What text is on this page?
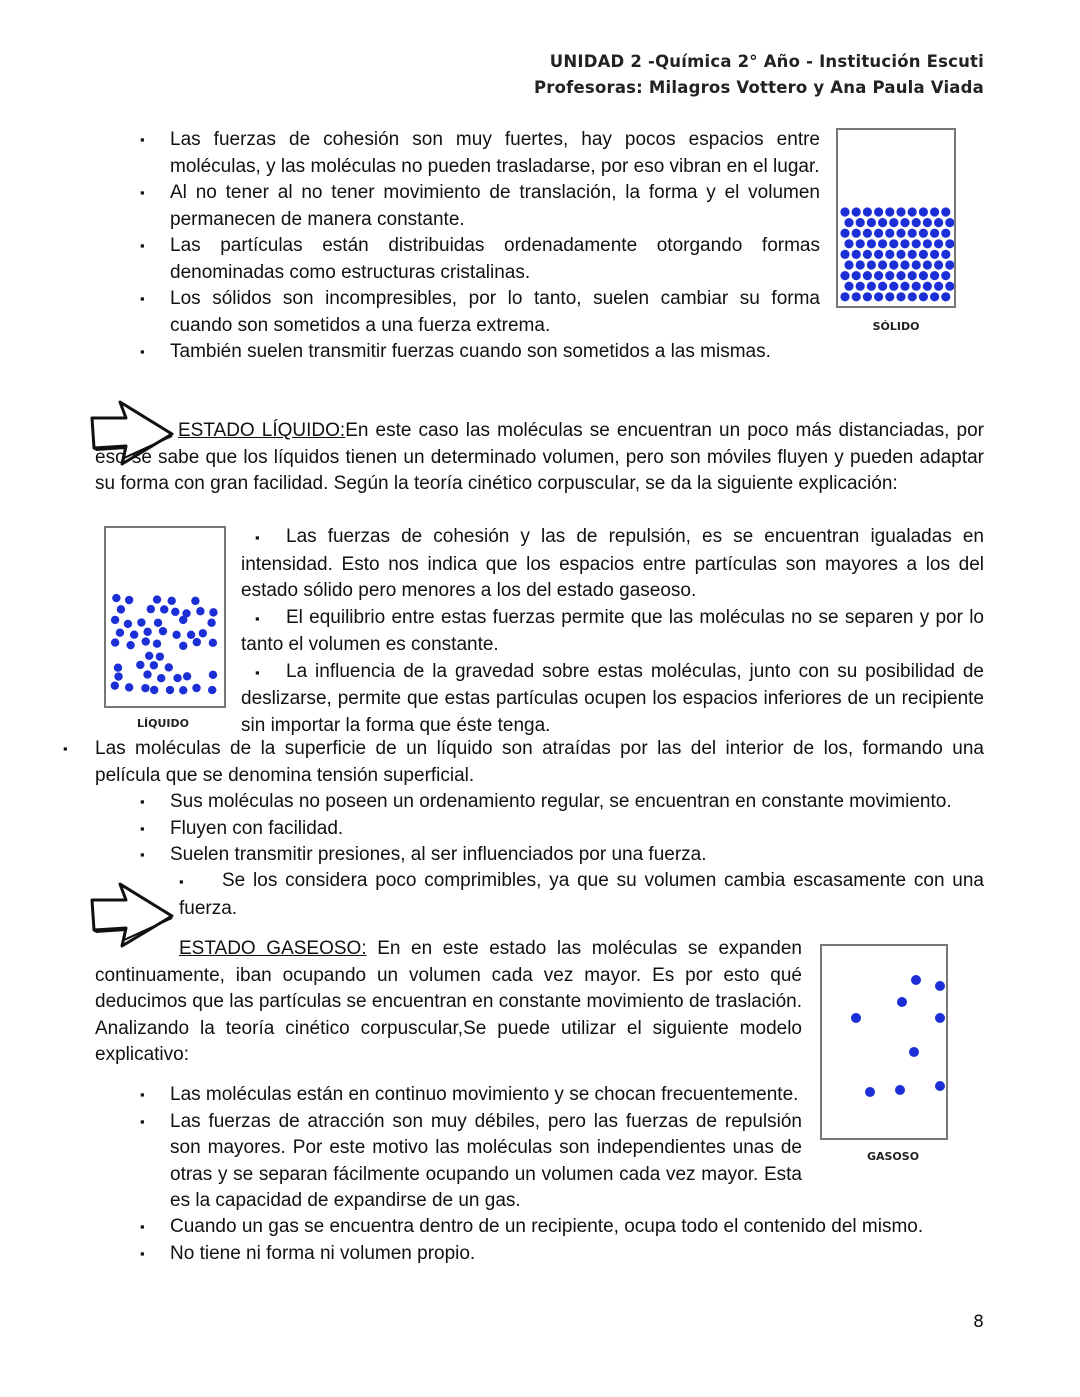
UNIDAD 2 -Química 2° Año - Institución Escuti
Profesoras: Milagros Vottero y Ana Paula Viada
▪ Las fuerzas de cohesión son muy fuertes, hay pocos espacios entre moléculas, y las moléculas no pueden trasladarse, por eso vibran en el lugar.
▪ Al no tener al no tener movimiento de translación, la forma y el volumen permanecen de manera constante.
▪ Las partículas están distribuidas ordenadamente otorgando formas denominadas como estructuras cristalinas.
▪ Los sólidos son incompresibles, por lo tanto, suelen cambiar su forma cuando son sometidos a una fuerza extrema.
▪ También suelen transmitir fuerzas cuando son sometidos a las mismas.
SÓLIDO
ESTADO LÍQUIDO:En este caso las moléculas se encuentran un poco más distanciadas, por eso se sabe que los líquidos tienen un determinado volumen, pero son móviles fluyen y pueden adaptar su forma con gran facilidad. Según la teoría cinético corpuscular, se da la siguiente explicación:
LÍQUIDO
▪ Las fuerzas de cohesión y las de repulsión, es se encuentran igualadas en intensidad. Esto nos indica que los espacios entre partículas son mayores a los del estado sólido pero menores a los del estado gaseoso.
▪ El equilibrio entre estas fuerzas permite que las moléculas no se separen y por lo tanto el volumen es constante.
▪ La influencia de la gravedad sobre estas moléculas, junto con su posibilidad de deslizarse, permite que estas partículas ocupen los espacios inferiores de un recipiente sin importar la forma que éste tenga.
▪ Las moléculas de la superficie de un líquido son atraídas por las del interior de los, formando una película que se denomina tensión superficial.
▪ Sus moléculas no poseen un ordenamiento regular, se encuentran en constante movimiento.
▪ Fluyen con facilidad.
▪ Suelen transmitir presiones, al ser influenciados por una fuerza.
▪ Se los considera poco comprimibles, ya que su volumen cambia escasamente con una fuerza.
ESTADO GASEOSO: En en este estado las moléculas se expanden continuamente, iban ocupando un volumen cada vez mayor. Es por esto qué deducimos que las partículas se encuentran en constante movimiento de traslación. Analizando la teoría cinético corpuscular,Se puede utilizar el siguiente modelo explicativo:
GASOSO
▪ Las moléculas están en continuo movimiento y se chocan frecuentemente.
▪ Las fuerzas de atracción son muy débiles, pero las fuerzas de repulsión son mayores. Por este motivo las moléculas son independientes unas de otras y se separan fácilmente ocupando un volumen cada vez mayor. Esta es la capacidad de expandirse de un gas.
▪ Cuando un gas se encuentra dentro de un recipiente, ocupa todo el contenido del mismo.
▪ No tiene ni forma ni volumen propio.
8
